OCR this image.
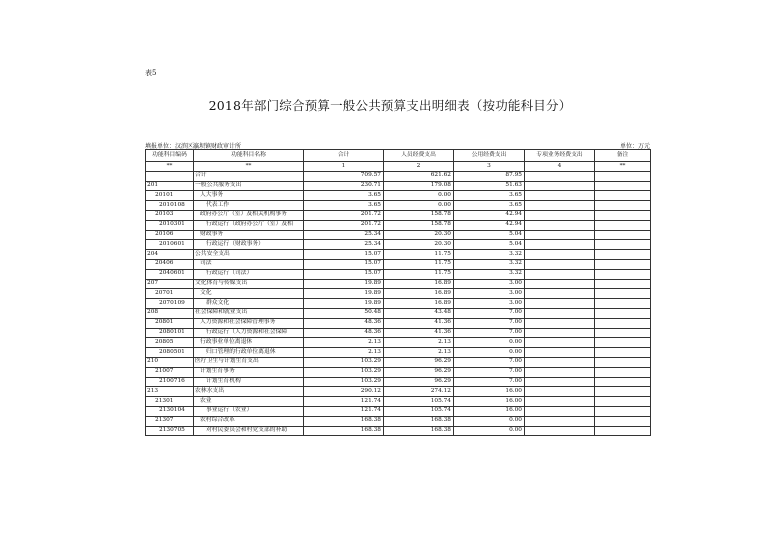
表5
2018年部门综合预算一般公共预算支出明细表（按功能科目分）
填报单位：汉滨区瀛坝镇财政审计所	单位：万元
功能科目编码	功能科目名称	合计	人员经费支出	公用经费支出	专项业务经费支出	备注
**	**	1	2	3	4	**
	合计	709.57	621.62	87.95		
201	一般公共服务支出	230.71	179.08	51.63		
20101	人大事务	3.65	0.00	3.65		
2010108	代表工作	3.65	0.00	3.65		
20103	政府办公厅（室）及相关机构事务	201.72	158.78	42.94		
2010301	行政运行（政府办公厅（室）及相	201.72	158.78	42.94		
20106	财政事务	25.34	20.30	5.04		
2010601	行政运行（财政事务）	25.34	20.30	5.04		
204	公共安全支出	15.07	11.75	3.32		
20406	司法	15.07	11.75	3.32		
2040601	行政运行（司法）	15.07	11.75	3.32		
207	文化体育与传媒支出	19.89	16.89	3.00		
20701	文化	19.89	16.89	3.00		
2070109	群众文化	19.89	16.89	3.00		
208	社会保障和就业支出	50.48	43.48	7.00		
20801	人力资源和社会保障管理事务	48.36	41.36	7.00		
2080101	行政运行（人力资源和社会保障	48.36	41.36	7.00		
20805	行政事业单位离退休	2.13	2.13	0.00		
2080501	归口管理的行政单位离退休	2.13	2.13	0.00		
210	医疗卫生与计划生育支出	103.29	96.29	7.00		
21007	计划生育事务	103.29	96.29	7.00		
2100716	计划生育机构	103.29	96.29	7.00		
213	农林水支出	290.12	274.12	16.00		
21301	农业	121.74	105.74	16.00		
2130104	事业运行（农业）	121.74	105.74	16.00		
21307	农村综合改革	168.38	168.38	0.00		
2130705	对村民委员会和村党支部的补助	168.38	168.38	0.00		
